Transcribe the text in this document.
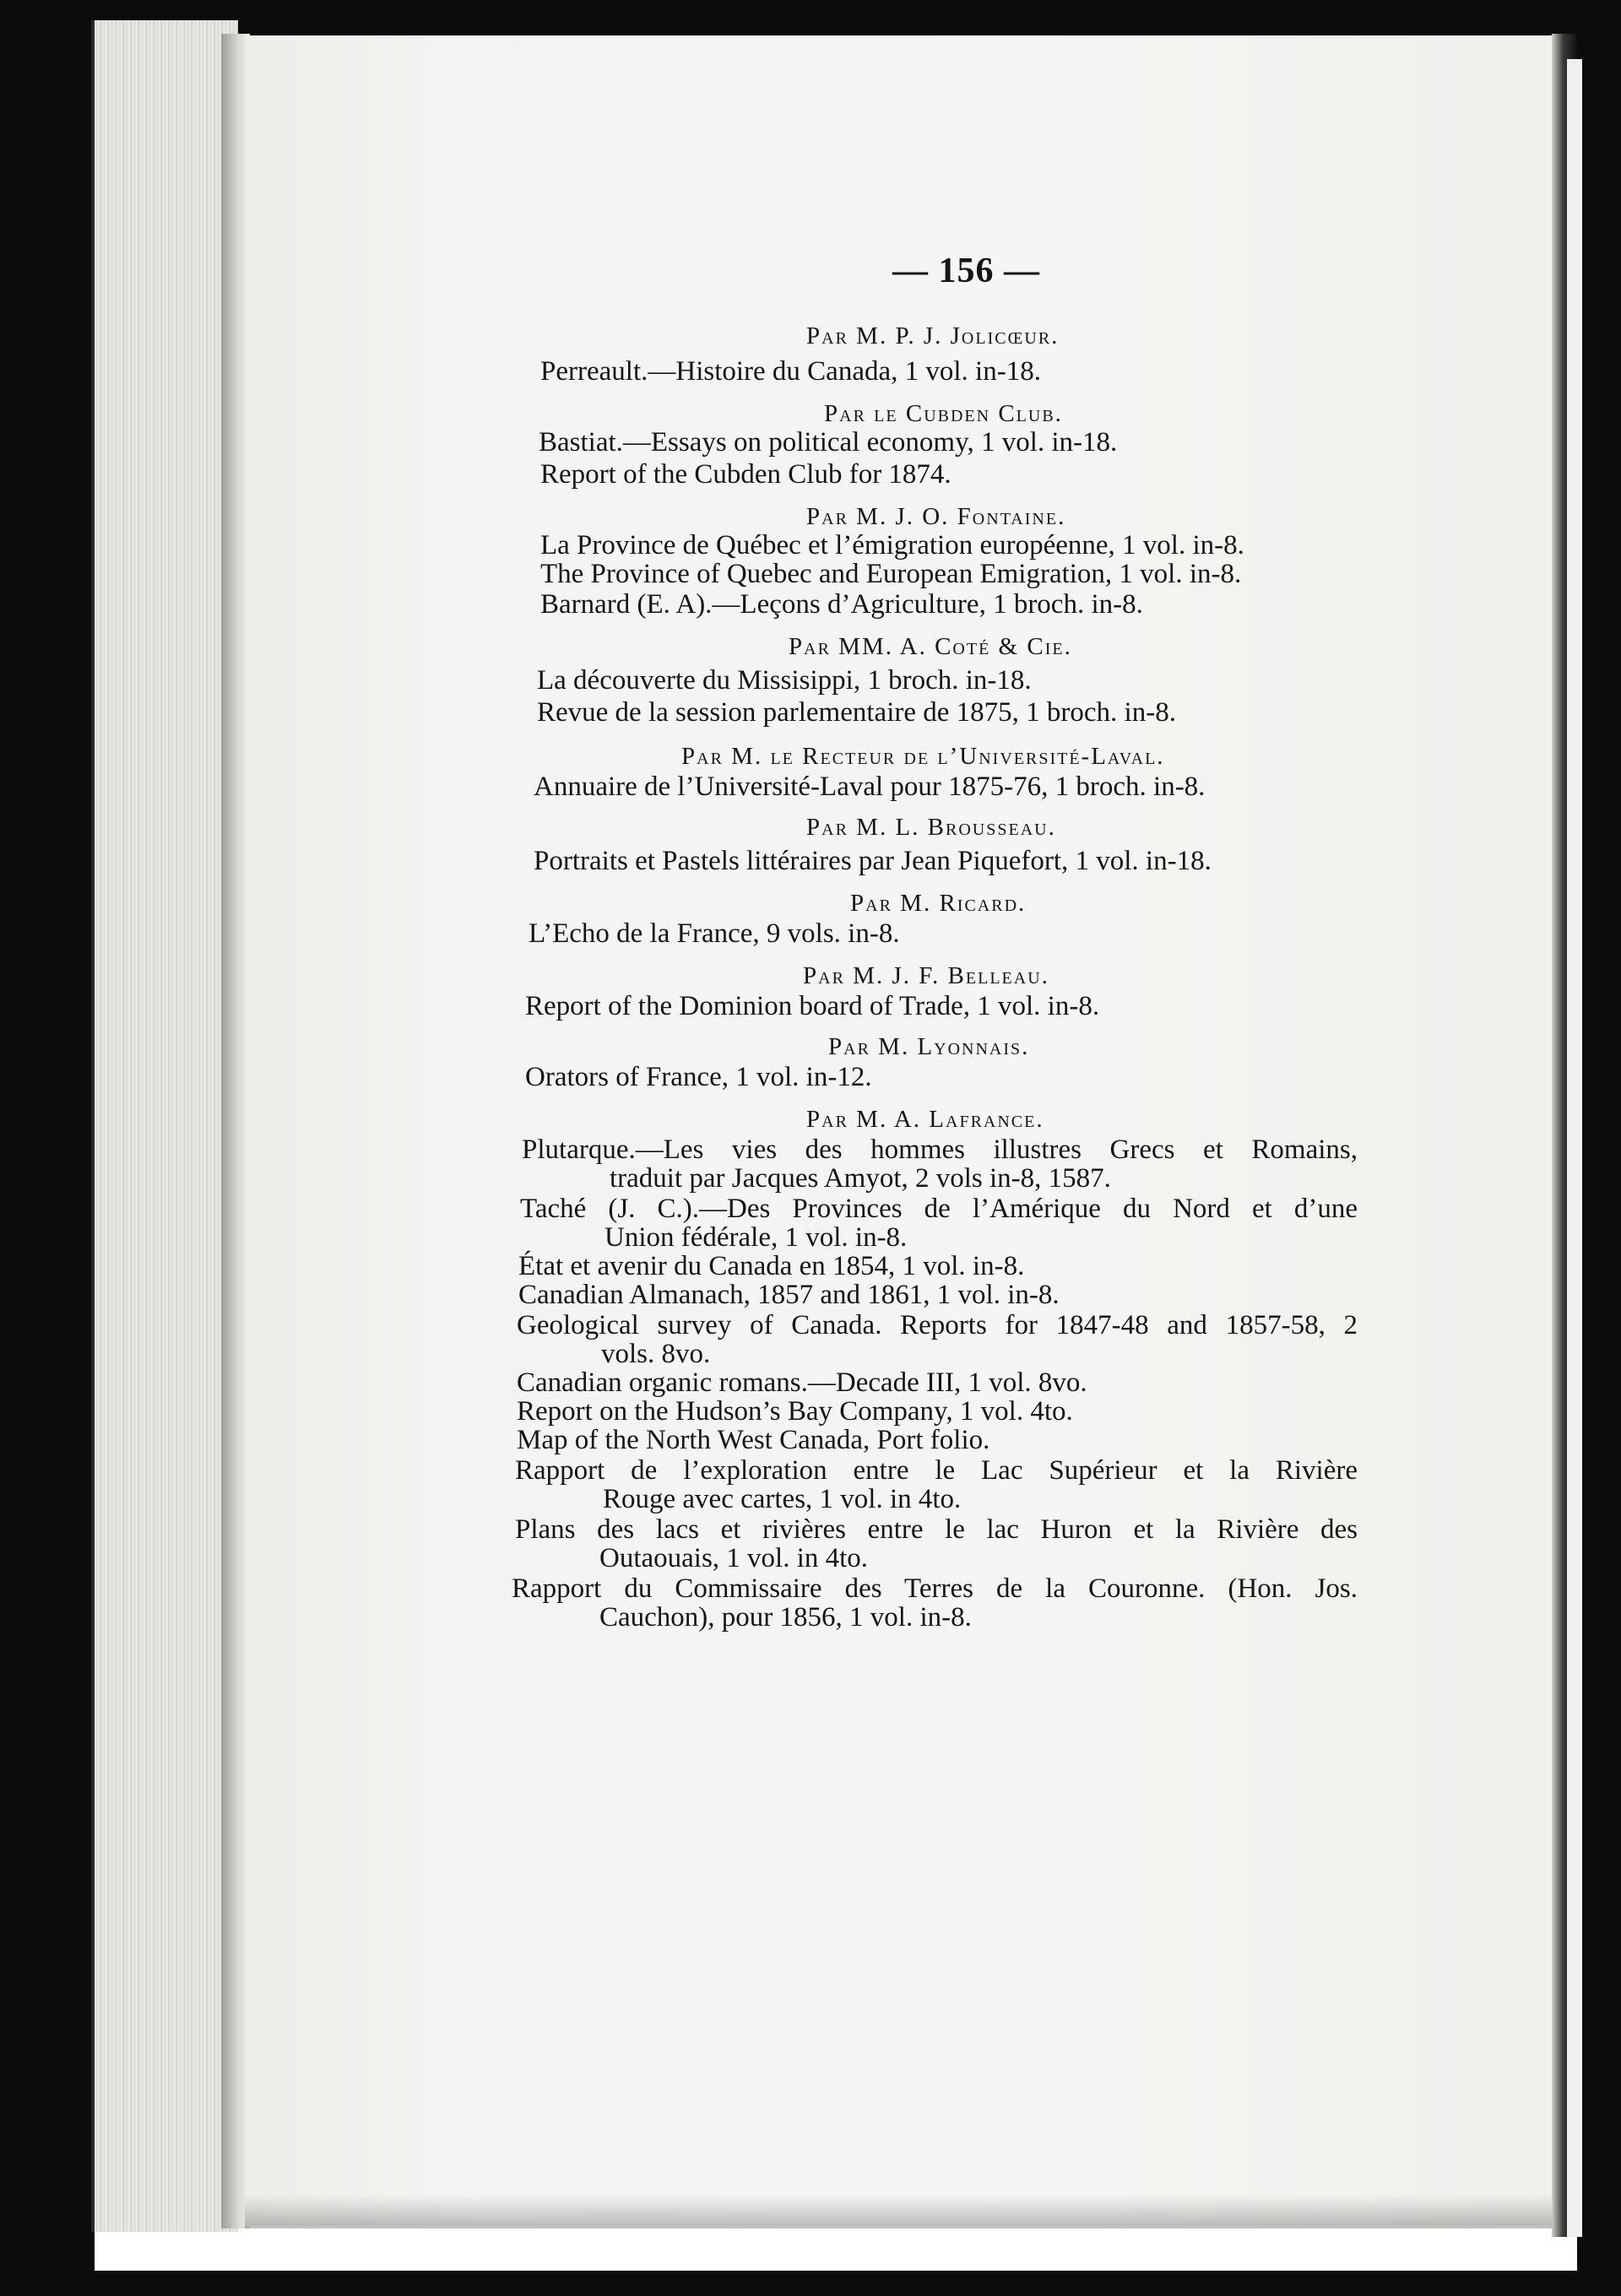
— 156 —
Par M. P. J. Jolicœur.
Perreault.—Histoire du Canada, 1 vol. in-18.
Par le Cubden Club.
Bastiat.—Essays on political economy, 1 vol. in-18.
Report of the Cubden Club for 1874.
Par M. J. O. Fontaine.
La Province de Québec et l’émigration européenne, 1 vol. in-8.
The Province of Quebec and European Emigration, 1 vol. in-8.
Barnard (E. A).—Leçons d’Agriculture, 1 broch. in-8.
Par MM. A. Coté & Cie.
La découverte du Missisippi, 1 broch. in-18.
Revue de la session parlementaire de 1875, 1 broch. in-8.
Par M. le Recteur de l’Université-Laval.
Annuaire de l’Université-Laval pour 1875-76, 1 broch. in-8.
Par M. L. Brousseau.
Portraits et Pastels littéraires par Jean Piquefort, 1 vol. in-18.
Par M. Ricard.
L’Echo de la France, 9 vols. in-8.
Par M. J. F. Belleau.
Report of the Dominion board of Trade, 1 vol. in-8.
Par M. Lyonnais.
Orators of France, 1 vol. in-12.
Par M. A. Lafrance.
Plutarque.—Les vies des hommes illustres Grecs et Romains,
traduit par Jacques Amyot, 2 vols in-8, 1587.
Taché (J. C.).—Des Provinces de l’Amérique du Nord et d’une
Union fédérale, 1 vol. in-8.
État et avenir du Canada en 1854, 1 vol. in-8.
Canadian Almanach, 1857 and 1861, 1 vol. in-8.
Geological survey of Canada. Reports for 1847-48 and 1857-58, 2
vols. 8vo.
Canadian organic romans.—Decade III, 1 vol. 8vo.
Report on the Hudson’s Bay Company, 1 vol. 4to.
Map of the North West Canada, Port folio.
Rapport de l’exploration entre le Lac Supérieur et la Rivière
Rouge avec cartes, 1 vol. in 4to.
Plans des lacs et rivières entre le lac Huron et la Rivière des
Outaouais, 1 vol. in 4to.
Rapport du Commissaire des Terres de la Couronne. (Hon. Jos.
Cauchon), pour 1856, 1 vol. in-8.
